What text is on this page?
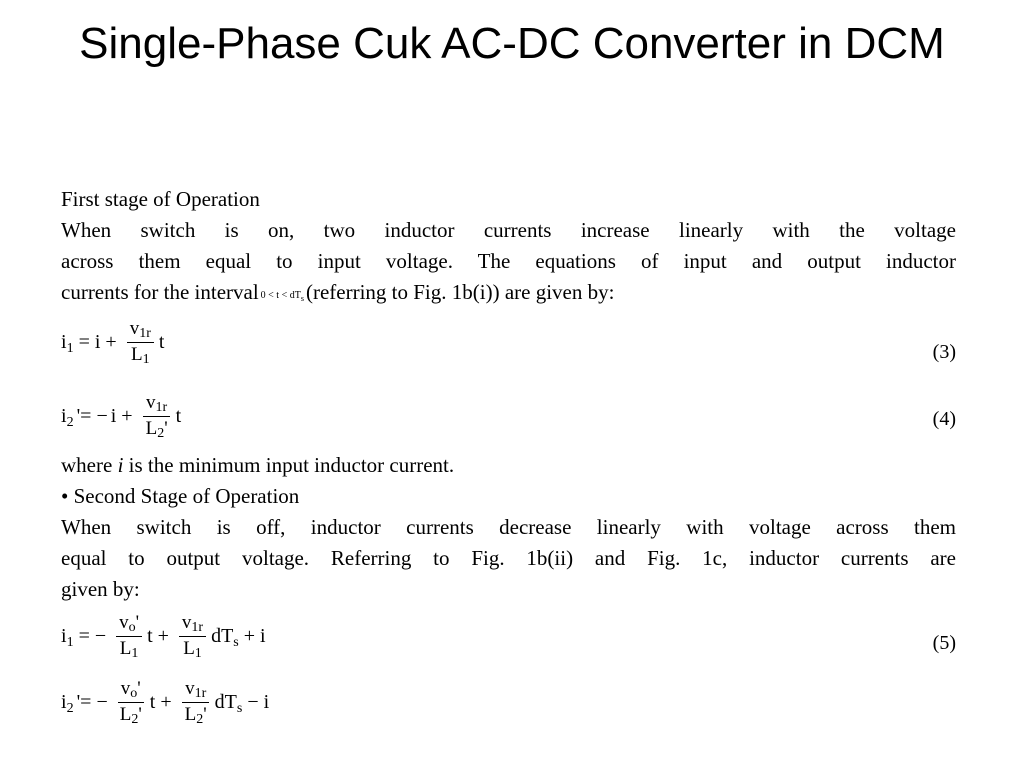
Single-Phase Cuk AC-DC Converter in DCM
First stage of Operation
When switch is on, two inductor currents increase linearly with the voltage
across them equal to input voltage. The equations of input and output inductor
currents for the interval $0 < t < dT_s(referring$ to Fig. 1b(i)) are given by:
i $1 = i + \frac{v1r}{L1}$ t	(3)
i 2 '= − $i + \frac{v1r}{L2'}$ t	(4)
where i is the minimum input inductor current.
• Second Stage of Operation
When switch is off, inductor currents decrease linearly with voltage across them
equal to output voltage. Referring to Fig. 1b(ii) and Fig. 1c, inductor currents are
given by:
i 1 = − $\frac{vo'}{L1}$ $t + \frac{v1r}{L1}$ dT s + i	(5)
i 2 '= − $\frac{vo'}{L2'}$ $t + \frac{v1r}{L2'}$ dT s − i
